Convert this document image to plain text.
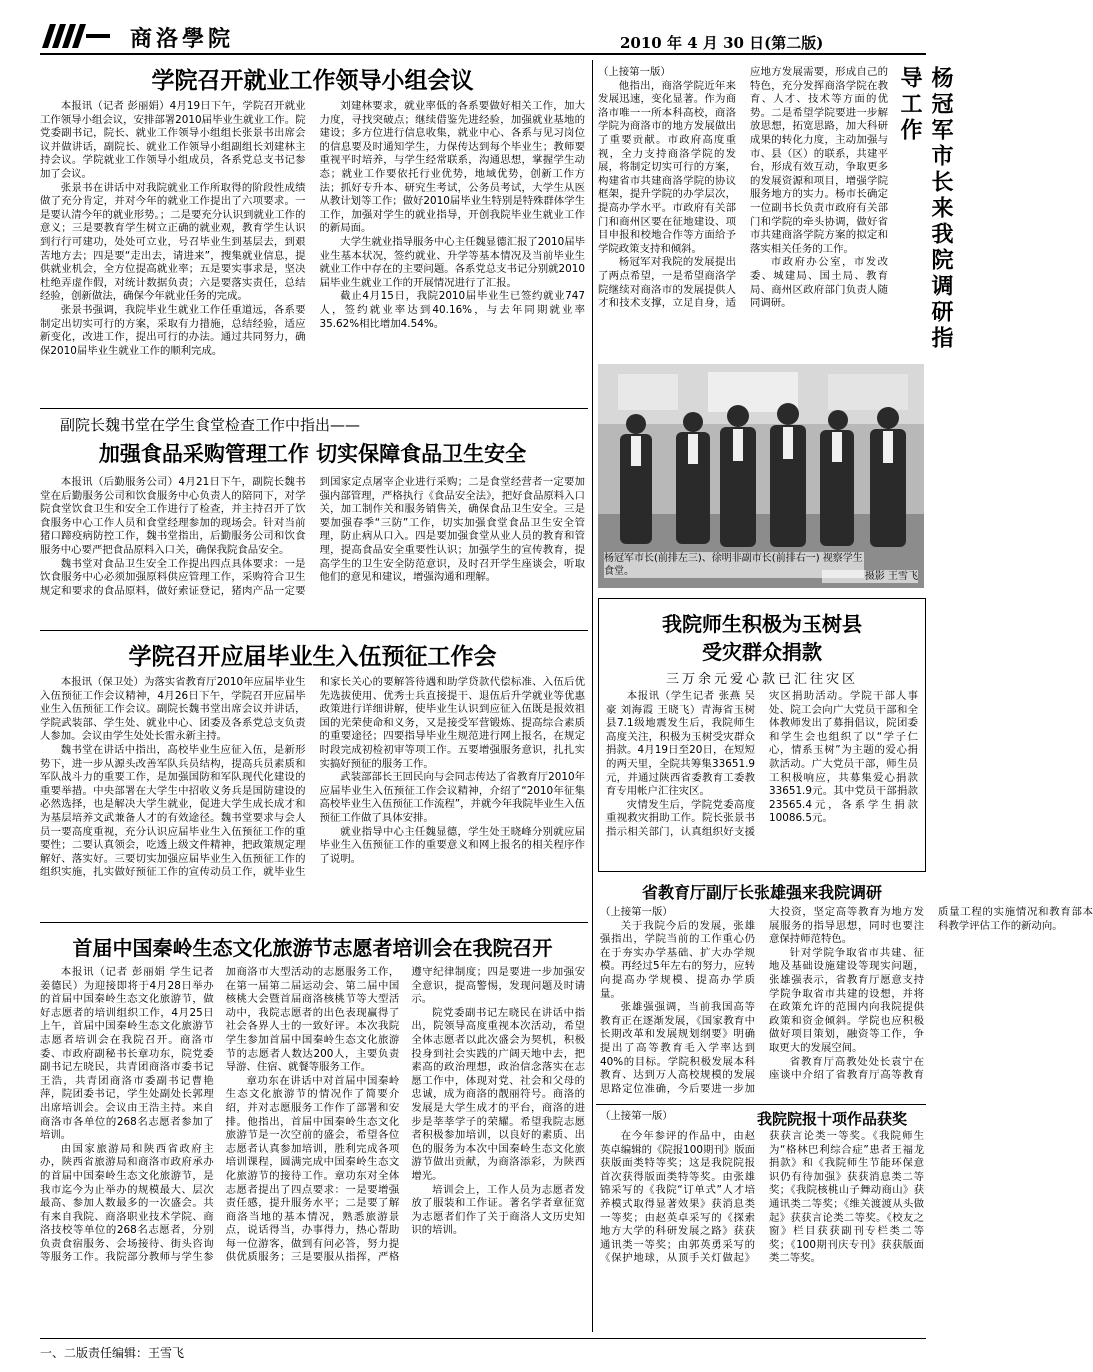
商洛學院	2010 年 4 月 30 日(第二版)
学院召开就业工作领导小组会议

本报讯（记者 彭丽娟）4月19日下午，学院召开就业工作领导小组会议，安排部署2010届毕业生就业工作。院党委副书记，院长、就业工作领导小组组长张景书出席会议并做讲话，副院长、就业工作领导小组副组长刘建林主持会议。学院就业工作领导小组成员，各系党总支书记参加了会议。

张景书在讲话中对我院就业工作所取得的阶段性成绩做了充分肯定，并对今年的就业工作提出了六项要求。一是要认清今年的就业形势。；二是要充分认识到就业工作的意义；三是要教育学生树立正确的就业观，教育学生认识到行行可建功，处处可立业，号召毕业生到基层去，到艰苦地方去；四是要“走出去，请进来”，搜集就业信息，提供就业机会，全方位提高就业率；五是要实事求是，坚决杜绝弄虚作假，对统计数据负责；六是要落实责任，总结经验，创新做法，确保今年就业任务的完成。

张景书强调，我院毕业生就业工作任重道远，各系要制定出切实可行的方案，采取有力措施，总结经验，适应新变化，改进工作，提出可行的办法。通过共同努力，确保2010届毕业生就业工作的顺利完成。

刘建林要求，就业率低的各系要做好相关工作，加大力度，寻找突破点；继续借鉴先进经验，加强就业基地的建设；多方位进行信息收集，就业中心、各系与见习岗位的信息要及时通知学生，力保传达到每个毕业生；教师要重视平时培养，与学生经常联系，沟通思想，掌握学生动态；就业工作要依托行业优势，地域优势，创新工作方法；抓好专升本、研究生考试，公务员考试，大学生从医从教计划等工作；做好2010届毕业生特别是特殊群体学生工作，加强对学生的就业指导，开创我院毕业生就业工作的新局面。

大学生就业指导服务中心主任魏显德汇报了2010届毕业生基本状况，签约就业、升学等基本情况及当前毕业生就业工作中存在的主要问题。各系党总支书记分别就2010届毕业生就业工作的开展情况进行了汇报。

截止4月15日，我院2010届毕业生已签约就业747人，签约就业率达到40.16%，与去年同期就业率35.62%相比增加4.54%。

副院长魏书堂在学生食堂检查工作中指出——
加强食品采购管理工作 切实保障食品卫生安全

本报讯（后勤服务公司）4月21日下午，副院长魏书堂在后勤服务公司和饮食服务中心负责人的陪同下，对学院食堂饮食卫生和安全工作进行了检查，并主持召开了饮食服务中心工作人员和食堂经理参加的现场会。针对当前猪口蹄疫病防控工作，魏书堂指出，后勤服务公司和饮食服务中心要严把食品原料入口关，确保我院食品安全。

魏书堂对食品卫生安全工作提出四点具体要求：一是饮食服务中心必须加强原料供应管理工作，采购符合卫生规定和要求的食品原料，做好索证登记，猪肉产品一定要到国家定点屠宰企业进行采购；二是食堂经营者一定要加强内部管理，严格执行《食品安全法》，把好食品原料入口关，加工制作关和服务销售关，确保食品卫生安全。三是要加强春季“三防”工作，切实加强食堂食品卫生安全管理，防止病从口入。四是要加强食堂从业人员的教育和管理，提高食品安全重要性认识；加强学生的宣传教育，提高学生的卫生安全防范意识，及时召开学生座谈会，听取他们的意见和建议，增强沟通和理解。

学院召开应届毕业生入伍预征工作会

本报讯（保卫处）为落实省教育厅2010年应届毕业生入伍预征工作会议精神，4月26日下午，学院召开应届毕业生入伍预征工作会议。副院长魏书堂出席会议并讲话，学院武装部、学生处、就业中心、团委及各系党总支负责人参加。会议由学生处处长雷永新主持。

魏书堂在讲话中指出，高校毕业生应征入伍，是新形势下，进一步从源头改善军队兵员结构，提高兵员素质和军队战斗力的重要工作，是加强国防和军队现代化建设的重要举措。中央部署在大学生中招收义务兵是国防建设的必然选择，也是解决大学生就业，促进大学生成长成才和为基层培养文武兼备人才的有效途径。魏书堂要求与会人员一要高度重视，充分认识应届毕业生入伍预征工作的重要性；二要认真领会，吃透上级文件精神，把政策规定理解好、落实好。三要切实加强应届毕业生入伍预征工作的组织实施，扎实做好预征工作的宣传动员工作，就毕业生和家长关心的要解答待遇和助学贷款代偿标准、入伍后优先选拔使用、优秀士兵直接提干、退伍后升学就业等优惠政策进行详细讲解，使毕业生认识到应征入伍既是报效祖国的光荣使命和义务，又是接受军营锻炼、提高综合素质的重要途径；四要指导毕业生规范进行网上报名，在规定时段完成初检初审等项工作。五要增强服务意识，扎扎实实搞好预征的服务工作。

武装部部长王回民向与会同志传达了省教育厅2010年应届毕业生入伍预征工作会议精神，介绍了“2010年征集高校毕业生入伍预征工作流程”，并就今年我院毕业生入伍预征工作做了具体安排。

就业指导中心主任魏显德，学生处王晓峰分别就应届毕业生入伍预征工作的重要意义和网上报名的相关程序作了说明。

首届中国秦岭生态文化旅游节志愿者培训会在我院召开

本报讯（记者 彭丽娟 学生记者 姜德民）为迎接即将于4月28日举办的首届中国秦岭生态文化旅游节，做好志愿者的培训组织工作，4月25日上午，首届中国秦岭生态文化旅游节志愿者培训会在我院召开。商洛市委、市政府副秘书长章功东，院党委副书记左晓民，共青团商洛市委书记王浩，共青团商洛市委副书记曹艳萍，院团委书记，学生处副处长郭理出席培训会。会议由王浩主持。来自商洛市各单位的268名志愿者参加了培训。

由国家旅游局和陕西省政府主办，陕西省旅游局和商洛市政府承办的首届中国秦岭生态文化旅游节，是我市迄今为止举办的规模最大、层次最高、参加人数最多的一次盛会。共有来自我院、商洛职业技术学院、商洛技校等单位的268名志愿者，分别负责食宿服务、会场接待、街头咨询等服务工作。我院部分教师与学生参加商洛市大型活动的志愿服务工作，在第一届第二届运动会、第二届中国核桃大会暨首届商洛核桃节等大型活动中，我院志愿者的出色表现赢得了社会各界人士的一致好评。本次我院学生参加首届中国秦岭生态文化旅游节的志愿者人数达200人，主要负责导游、住宿、就餐等服务工作。

章功东在讲话中对首届中国秦岭生态文化旅游节的情况作了简要介绍，并对志愿服务工作作了部署和安排。他指出，首届中国秦岭生态文化旅游节是一次空前的盛会，希望各位志愿者认真参加培训，胜利完成各项培训课程，圆满完成中国秦岭生态文化旅游节的接待工作。章功东对全体志愿者提出了四点要求：一是要增强责任感，提升服务水平；二是要了解商洛当地的基本情况，熟悉旅游景点，说话得当，办事得力，热心帮助每一位游客，做到有问必答，努力提供优质服务；三是要服从指挥，严格遵守纪律制度；四是要进一步加强安全意识，提高警惕，发现问题及时请示。

院党委副书记左晓民在讲话中指出，院领导高度重视本次活动，希望全体志愿者以此次盛会为契机，积极投身到社会实践的广阔天地中去，把素高的政治理想，政治信念落实在志愿工作中，体现对党、社会和父母的忠诚，成为商洛的靓丽符号。商洛的发展是大学生成才的平台，商洛的进步是莘莘学子的荣耀。希望我院志愿者积极参加培训，以良好的素质、出色的服务为本次中国秦岭生态文化旅游节做出贡献，为商洛添彩，为陕西增光。

培训会上，工作人员为志愿者发放了服装和工作证。著名学者章征宽为志愿者们作了关于商洛人文历史知识的培训。

（上接第一版）

他指出，商洛学院近年来发展迅速，变化显著。作为商洛市唯一一所本科高校，商洛学院为商洛市的地方发展做出了重要贡献。市政府高度重视，全力支持商洛学院的发展，将制定切实可行的方案，构建省市共建商洛学院的协议框架，提升学院的办学层次，提高办学水平。市政府有关部门和商州区要在征地建设、项目申报和校地合作等方面给予学院政策支持和倾斜。

杨冠军对我院的发展提出了两点希望，一是希望商洛学院继续对商洛市的发展提供人才和技术支撑，立足自身，适应地方发展需要，形成自己的特色，充分发挥商洛学院在教育、人才、技术等方面的优势。二是希望学院要进一步解放思想，拓宽思路，加大科研成果的转化力度，主动加强与市、县（区）的联系，共建平台，形成有效互动，争取更多的发展资源和项目，增强学院服务地方的实力。杨市长确定一位副书长负责市政府有关部门和学院的牵头协调，做好省市共建商洛学院方案的拟定和落实相关任务的工作。

市政府办公室，市发改委、城建局、国土局、教育局、商州区政府部门负责人随同调研。	杨冠军市长来我院调研指导工作
杨冠军市长(前排左三)、徐明非副市长(前排右一) 视察学生食堂。	摄影 王雪飞
我院师生积极为玉树县
受灾群众捐款
三万余元爱心款已汇往灾区

本报讯（学生记者 张燕 吴豪 刘海霞 王晓飞）青海省玉树县7.1级地震发生后，我院师生高度关注，积极为玉树受灾群众捐款。4月19日至20日，在短短的两天里，全院共筹集33651.9元，并通过陕西省委教育工委教育专用帐户汇往灾区。

灾情发生后，学院党委高度重视救灾捐助工作。院长张景书指示相关部门，认真组织好支援灾区捐助活动。学院干部人事处、院工会向广大党员干部和全体教师发出了募捐倡议，院团委和学生会也组织了以“学子仁心，情系玉树”为主题的爱心捐款活动。广大党员干部，师生员工积极响应，共募集爱心捐款33651.9元。其中党员干部捐款23565.4元，各系学生捐款10086.5元。

省教育厅副厅长张雄强来我院调研

（上接第一版）

关于我院今后的发展，张雄强指出，学院当前的工作重心仍在于夯实办学基础、扩大办学规模。再经过5年左右的努力，应转向提高办学规模、提高办学质量。

张雄强强调，当前我国高等教育正在逐渐发展，《国家教育中长期改革和发展规划纲要》明确提出了高等教育毛入学率达到40%的目标。学院积极发展本科教育、达到万人高校规模的发展思路定位准确，今后要进一步加大投资，坚定高等教育为地方发展服务的指导思想，同时也要注意保持师范特色。

针对学院争取省市共建、征地及基础设施建设等现实问题，张雄强表示，省教育厅愿意支持学院争取省市共建的设想，并将在政策允许的范围内向我院提供政策和资金倾斜。学院也应积极做好项目策划，融资等工作，争取更大的发展空间。

省教育厅高教处处长袁宁在座谈中介绍了省教育厅高等教育质量工程的实施情况和教育部本科教学评估工作的新动向。

（上接第一版）	我院院报十项作品获奖

在今年参评的作品中，由赵英卓编辑的《院报100期刊》版面获版面类特等奖；这是我院院报首次获得版面类特等奖。由张雄锦采写的《我院“订单式”人才培养模式取得显著效果》获消息类一等奖；由赵英卓采写的《探索地方大学的科研发展之路》获获通讯类一等奖；由郭英勇采写的《保护地球，从顶手关灯做起》获获言论类一等奖。《我院师生为“格林巴利综合症”患者王福龙捐款》和《我院师生节能环保意识仍有待加强》获获消息类二等奖；《我院核桃山子舞动商山》获通讯类二等奖；《维关渡渡从头做起》获获言论类二等奖。《校友之窗》栏目获获副刊专栏类二等奖；《100期刊庆专刊》获获版面类二等奖。

一、二版责任编辑：王雪飞
